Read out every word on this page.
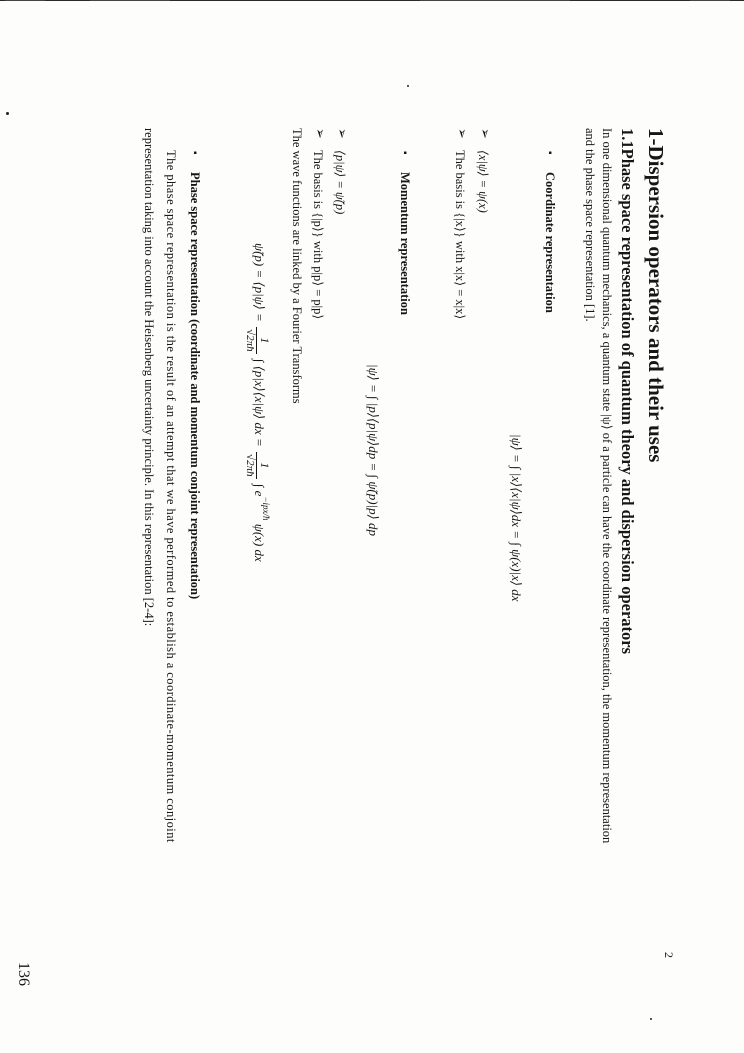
1-Dispersion operators and their uses
1.1Phase space representation of quantum theory and dispersion operators
In one dimensional quantum mechanics, a quantum state |ψ⟩ of a particle can have the coordinate representation, the momentum representation
and the phase space representation [1].
▪
Coordinate representation
|ψ⟩ = ∫ |x⟩⟨x|ψ⟩dx = ∫ ψ(x)|x⟩ dx
➢
⟨x|ψ⟩ = ψ(x)
➢
The basis is {|x⟩} with x|x⟩ = x|x⟩
▪
Momentum representation
|ψ⟩ = ∫ |p⟩⟨p|ψ⟩dp = ∫ ψ̃(p)|p⟩ dp
➢
⟨p|ψ⟩ = ψ̃(p)
➢
The basis is {|p⟩} with p|p⟩ = p|p⟩
The wave functions are linked by a Fourier Transforms
ψ̃(p) = ⟨p|ψ⟩ =
1
√2πħ
∫ ⟨p|x⟩⟨x|ψ⟩ dx =
1
√2πħ
∫ $e^{-ipx/ħ}$ ψ(x) dx
▪
Phase space representation (coordinate and momentum conjoint representation)
The phase space representation is the result of an attempt that we have performed to establish a coordinate-momentum conjoint
representation taking into account the Heisenberg uncertainty principle. In this representation [2-4]:
2
136
